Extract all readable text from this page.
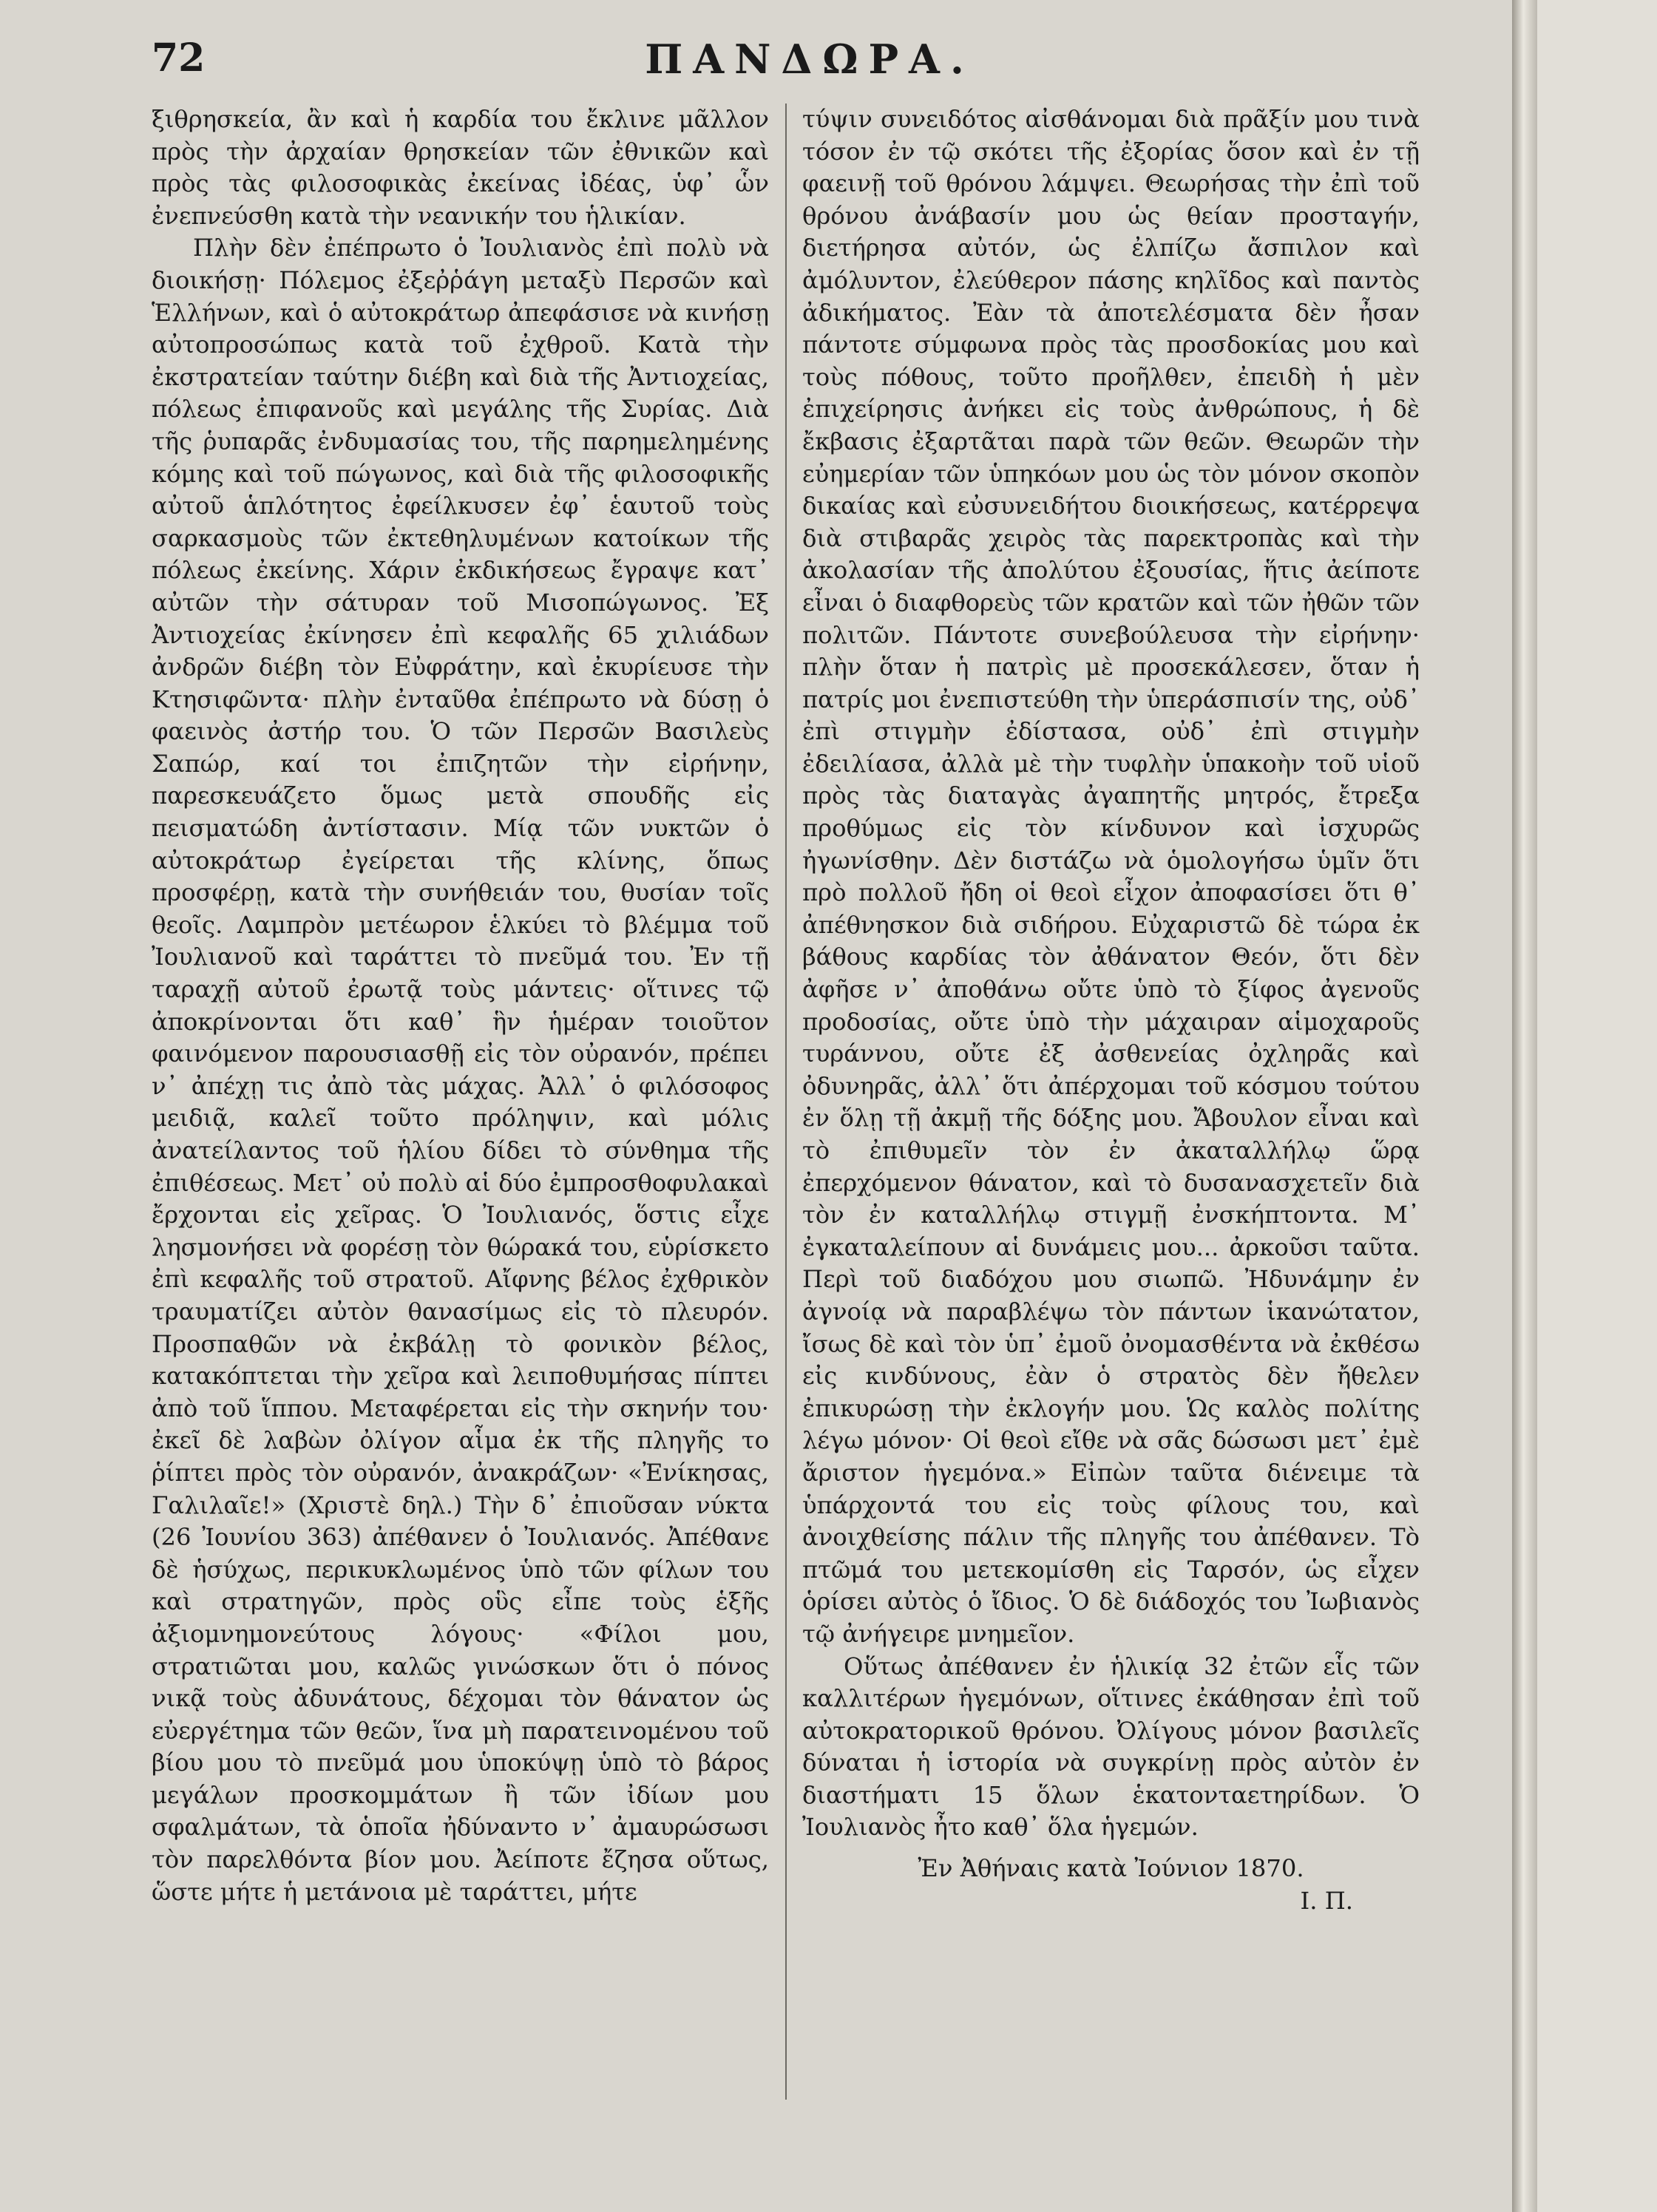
72	ΠΑΝΔΩΡΑ.

ξιθρησκεία, ἂν καὶ ἡ καρδία του ἔκλινε μᾶλλον πρὸς τὴν ἀρχαίαν θρησκείαν τῶν ἐθνικῶν καὶ πρὸς τὰς φιλοσοφικὰς ἐκείνας ἰδέας, ὑφ᾽ ὧν ἐνεπνεύσθη κατὰ τὴν νεανικήν του ἡλικίαν.

Πλὴν δὲν ἐπέπρωτο ὁ Ἰουλιανὸς ἐπὶ πολὺ νὰ διοικήσῃ· Πόλεμος ἐξεῤῥάγη μεταξὺ Περσῶν καὶ Ἑλλήνων, καὶ ὁ αὐτοκράτωρ ἀπεφάσισε νὰ κινήσῃ αὐτοπροσώπως κατὰ τοῦ ἐχθροῦ. Κατὰ τὴν ἐκστρατείαν ταύτην διέβη καὶ διὰ τῆς Ἀντιοχείας, πόλεως ἐπιφανοῦς καὶ μεγάλης τῆς Συρίας. Διὰ τῆς ῥυπαρᾶς ἐνδυμασίας του, τῆς παρημελημένης κόμης καὶ τοῦ πώγωνος, καὶ διὰ τῆς φιλοσοφικῆς αὐτοῦ ἁπλότητος ἐφείλκυσεν ἐφ᾽ ἑαυτοῦ τοὺς σαρκασμοὺς τῶν ἐκτεθηλυμένων κατοίκων τῆς πόλεως ἐκείνης. Χάριν ἐκδικήσεως ἔγραψε κατ᾽ αὐτῶν τὴν σάτυραν τοῦ Μισοπώγωνος. Ἐξ Ἀντιοχείας ἐκίνησεν ἐπὶ κεφαλῆς 65 χιλιάδων ἀνδρῶν διέβη τὸν Εὐφράτην, καὶ ἐκυρίευσε τὴν Κτησιφῶντα· πλὴν ἐνταῦθα ἐπέπρωτο νὰ δύσῃ ὁ φαεινὸς ἀστήρ του. Ὁ τῶν Περσῶν Βασιλεὺς Σαπώρ, καί τοι ἐπιζητῶν τὴν εἰρήνην, παρεσκευάζετο ὅμως μετὰ σπουδῆς εἰς πεισματώδη ἀντίστασιν. Μίᾳ τῶν νυκτῶν ὁ αὐτοκράτωρ ἐγείρεται τῆς κλίνης, ὅπως προσφέρῃ, κατὰ τὴν συνήθειάν του, θυσίαν τοῖς θεοῖς. Λαμπρὸν μετέωρον ἑλκύει τὸ βλέμμα τοῦ Ἰουλιανοῦ καὶ ταράττει τὸ πνεῦμά του. Ἐν τῇ ταραχῇ αὐτοῦ ἐρωτᾷ τοὺς μάντεις· οἵτινες τῷ ἀποκρίνονται ὅτι καθ᾽ ἣν ἡμέραν τοιοῦτον φαινόμενον παρουσιασθῇ εἰς τὸν οὐρανόν, πρέπει ν᾽ ἀπέχῃ τις ἀπὸ τὰς μάχας. Ἀλλ᾽ ὁ φιλόσοφος μειδιᾷ, καλεῖ τοῦτο πρόληψιν, καὶ μόλις ἀνατείλαντος τοῦ ἡλίου δίδει τὸ σύνθημα τῆς ἐπιθέσεως. Μετ᾽ οὐ πολὺ αἱ δύο ἐμπροσθοφυλακαὶ ἔρχονται εἰς χεῖρας. Ὁ Ἰουλιανός, ὅστις εἶχε λησμονήσει νὰ φορέσῃ τὸν θώρακά του, εὑρίσκετο ἐπὶ κεφαλῆς τοῦ στρατοῦ. Αἴφνης βέλος ἐχθρικὸν τραυματίζει αὐτὸν θανασίμως εἰς τὸ πλευρόν. Προσπαθῶν νὰ ἐκβάλῃ τὸ φονικὸν βέλος, κατακόπτεται τὴν χεῖρα καὶ λειποθυμήσας πίπτει ἀπὸ τοῦ ἵππου. Μεταφέρεται εἰς τὴν σκηνήν του· ἐκεῖ δὲ λαβὼν ὀλίγον αἷμα ἐκ τῆς πληγῆς το ῥίπτει πρὸς τὸν οὐρανόν, ἀνακράζων· «Ἐνίκησας, Γαλιλαῖε!» (Χριστὲ δηλ.) Τὴν δ᾽ ἐπιοῦσαν νύκτα (26 Ἰουνίου 363) ἀπέθανεν ὁ Ἰουλιανός. Ἀπέθανε δὲ ἡσύχως, περικυκλωμένος ὑπὸ τῶν φίλων του καὶ στρατηγῶν, πρὸς οὓς εἶπε τοὺς ἑξῆς ἀξιομνημονεύτους λόγους· «Φίλοι μου, στρατιῶται μου, καλῶς γινώσκων ὅτι ὁ πόνος νικᾷ τοὺς ἀδυνάτους, δέχομαι τὸν θάνατον ὡς εὐεργέτημα τῶν θεῶν, ἵνα μὴ παρατεινομένου τοῦ βίου μου τὸ πνεῦμά μου ὑποκύψῃ ὑπὸ τὸ βάρος μεγάλων προσκομμάτων ἢ τῶν ἰδίων μου σφαλμάτων, τὰ ὁποῖα ἠδύναντο ν᾽ ἀμαυρώσωσι τὸν παρελθόντα βίον μου. Ἀείποτε ἔζησα οὕτως, ὥστε μήτε ἡ μετάνοια μὲ ταράττει, μήτε

τύψιν συνειδότος αἰσθάνομαι διὰ πρᾶξίν μου τινὰ τόσον ἐν τῷ σκότει τῆς ἐξορίας ὅσον καὶ ἐν τῇ φαεινῇ τοῦ θρόνου λάμψει. Θεωρήσας τὴν ἐπὶ τοῦ θρόνου ἀνάβασίν μου ὡς θείαν προσταγήν, διετήρησα αὐτόν, ὡς ἐλπίζω ἄσπιλον καὶ ἀμόλυντον, ἐλεύθερον πάσης κηλῖδος καὶ παντὸς ἀδικήματος. Ἐὰν τὰ ἀποτελέσματα δὲν ἦσαν πάντοτε σύμφωνα πρὸς τὰς προσδοκίας μου καὶ τοὺς πόθους, τοῦτο προῆλθεν, ἐπειδὴ ἡ μὲν ἐπιχείρησις ἀνήκει εἰς τοὺς ἀνθρώπους, ἡ δὲ ἔκβασις ἐξαρτᾶται παρὰ τῶν θεῶν. Θεωρῶν τὴν εὐημερίαν τῶν ὑπηκόων μου ὡς τὸν μόνον σκοπὸν δικαίας καὶ εὐσυνειδήτου διοικήσεως, κατέρρεψα διὰ στιβαρᾶς χειρὸς τὰς παρεκτροπὰς καὶ τὴν ἀκολασίαν τῆς ἀπολύτου ἐξουσίας, ἥτις ἀείποτε εἶναι ὁ διαφθορεὺς τῶν κρατῶν καὶ τῶν ἠθῶν τῶν πολιτῶν. Πάντοτε συνεβούλευσα τὴν εἰρήνην· πλὴν ὅταν ἡ πατρὶς μὲ προσεκάλεσεν, ὅταν ἡ πατρίς μοι ἐνεπιστεύθη τὴν ὑπεράσπισίν της, οὐδ᾽ ἐπὶ στιγμὴν ἐδίστασα, οὐδ᾽ ἐπὶ στιγμὴν ἐδειλίασα, ἀλλὰ μὲ τὴν τυφλὴν ὑπακοὴν τοῦ υἱοῦ πρὸς τὰς διαταγὰς ἀγαπητῆς μητρός, ἔτρεξα προθύμως εἰς τὸν κίνδυνον καὶ ἰσχυρῶς ἠγωνίσθην. Δὲν διστάζω νὰ ὁμολογήσω ὑμῖν ὅτι πρὸ πολλοῦ ἤδη οἱ θεοὶ εἶχον ἀποφασίσει ὅτι θ᾽ ἀπέθνησκον διὰ σιδήρου. Εὐχαριστῶ δὲ τώρα ἐκ βάθους καρδίας τὸν ἀθάνατον Θεόν, ὅτι δὲν ἀφῆσε ν᾽ ἀποθάνω οὔτε ὑπὸ τὸ ξίφος ἀγενοῦς προδοσίας, οὔτε ὑπὸ τὴν μάχαιραν αἱμοχαροῦς τυράννου, οὔτε ἐξ ἀσθενείας ὀχληρᾶς καὶ ὀδυνηρᾶς, ἀλλ᾽ ὅτι ἀπέρχομαι τοῦ κόσμου τούτου ἐν ὅλῃ τῇ ἀκμῇ τῆς δόξης μου. Ἄβουλον εἶναι καὶ τὸ ἐπιθυμεῖν τὸν ἐν ἀκαταλλήλῳ ὥρᾳ ἐπερχόμενον θάνατον, καὶ τὸ δυσανασχετεῖν διὰ τὸν ἐν καταλλήλῳ στιγμῇ ἐνσκήπτοντα. Μ᾽ ἐγκαταλείπουν αἱ δυνάμεις μου... ἀρκοῦσι ταῦτα. Περὶ τοῦ διαδόχου μου σιωπῶ. Ἠδυνάμην ἐν ἀγνοίᾳ νὰ παραβλέψω τὸν πάντων ἱκανώτατον, ἴσως δὲ καὶ τὸν ὑπ᾽ ἐμοῦ ὀνομασθέντα νὰ ἐκθέσω εἰς κινδύνους, ἐὰν ὁ στρατὸς δὲν ἤθελεν ἐπικυρώσῃ τὴν ἐκλογήν μου. Ὡς καλὸς πολίτης λέγω μόνον· Οἱ θεοὶ εἴθε νὰ σᾶς δώσωσι μετ᾽ ἐμὲ ἄριστον ἡγεμόνα.» Εἰπὼν ταῦτα διένειμε τὰ ὑπάρχοντά του εἰς τοὺς φίλους του, καὶ ἀνοιχθείσης πάλιν τῆς πληγῆς του ἀπέθανεν. Τὸ πτῶμά του μετεκομίσθη εἰς Ταρσόν, ὡς εἶχεν ὁρίσει αὐτὸς ὁ ἴδιος. Ὁ δὲ διάδοχός του Ἰωβιανὸς τῷ ἀνήγειρε μνημεῖον.

Οὕτως ἀπέθανεν ἐν ἡλικίᾳ 32 ἐτῶν εἷς τῶν καλλιτέρων ἡγεμόνων, οἵτινες ἐκάθησαν ἐπὶ τοῦ αὐτοκρατορικοῦ θρόνου. Ὀλίγους μόνον βασιλεῖς δύναται ἡ ἱστορία νὰ συγκρίνῃ πρὸς αὐτὸν ἐν διαστήματι 15 ὅλων ἑκατονταετηρίδων. Ὁ Ἰουλιανὸς ἦτο καθ᾽ ὅλα ἡγεμών.

Ἐν Ἀθήναις κατὰ Ἰούνιον 1870.

Ι. Π.
